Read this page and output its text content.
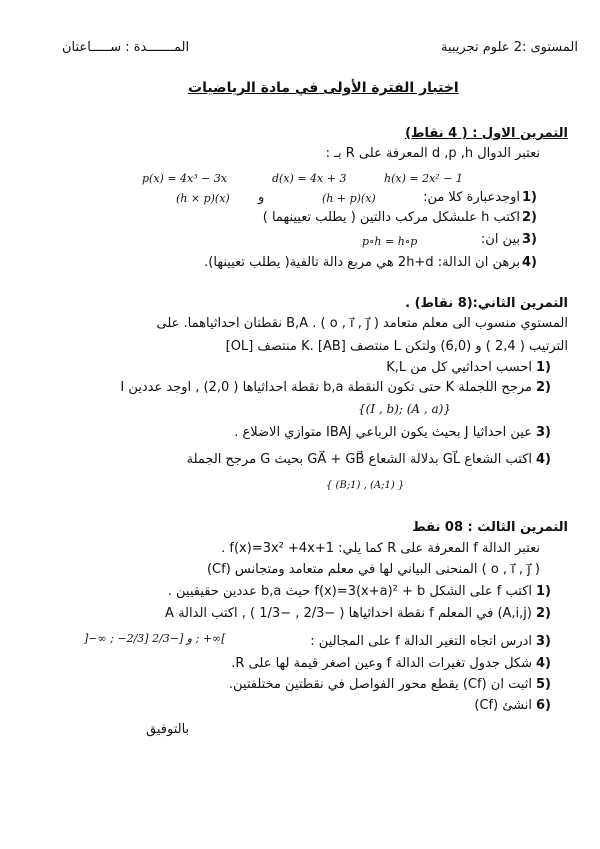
المستوى :2 علوم تجريبية
المـــــــدة : ســـــاعتان
اختبار الفترة الأولى في مادة الرياضيات
التمرين الاول : ( 4 نقاط)
نعتبر الدوال d ,p ,h المعرفة على R بـ :
p(x) = 4x³ − 3x	d(x) = 4x + 3	h(x) = 2x² − 1
1)
اوجدعبارة كلا من:
(h + p)(x)
و
(h × p)(x)
2)
اكتب h علىشكل مركب دالتين ( يطلب تعيينهما )
3)
بين ان:
p∘h = h∘p
4)
برهن ان الدالة: 2h+d هي مربع دالة تالفية( يطلب تعيينها).
التمرين الثاني:(8 نقاط) .
المستوي منسوب الى معلم متعامد ( o , i⃗ , j⃗ ) . B,A نقطتان احداثياهما. على
الترتيب ( 2,4 ) و (6,0) ولتكن L منتصف [AB] .K منتصف [OL]
1)
احسب احداثيي كل من K,L
2)
I نقطة احداثياها ( 2,0) , اوجد عددين b,a حتى تكون النقطة K مرجح اللجملة
{(I , b); (A , a)}
3)
عين احداثيا J بحيث يكون الرباعي IBAJ متوازي الاضلاع .
4)
اكتب الشعاع GL⃗ بدلالة الشعاع GA⃗ + GB⃗ بحيث G مرجح الجملة
{ (B;1) , (A;1) }
التمرين الثالث : 08 نقط
نعتبر الدالة f المعرفة على R كما يلي: f(x)=3x² +4x+1 .
(Cf) المنحنى البياني لها في معلم متعامد ومتجانس ( o , i⃗ , j⃗ )
1)
اكتب f على الشكل f(x)=3(x+a)² + b حيث b,a عددين حقيقيين .
2)
A نقطة احداثياها ( −2/3 , −1/3 ) , اكتب الدالة f في المعلم (A,i,j)
3)
ادرس اتجاه التغير الدالة f على المجالين :
]−∞ ; −2/3] و [−2/3 ; +∞[
4)
شكل جدول تغيرات الدالة f وعين اصغر قيمة لها على R.
5)
اثبت ان (Cf) يقطع محور الفواصل في نقطتين مختلفتين.
6)
انشئ (Cf)
بالتوفيق
